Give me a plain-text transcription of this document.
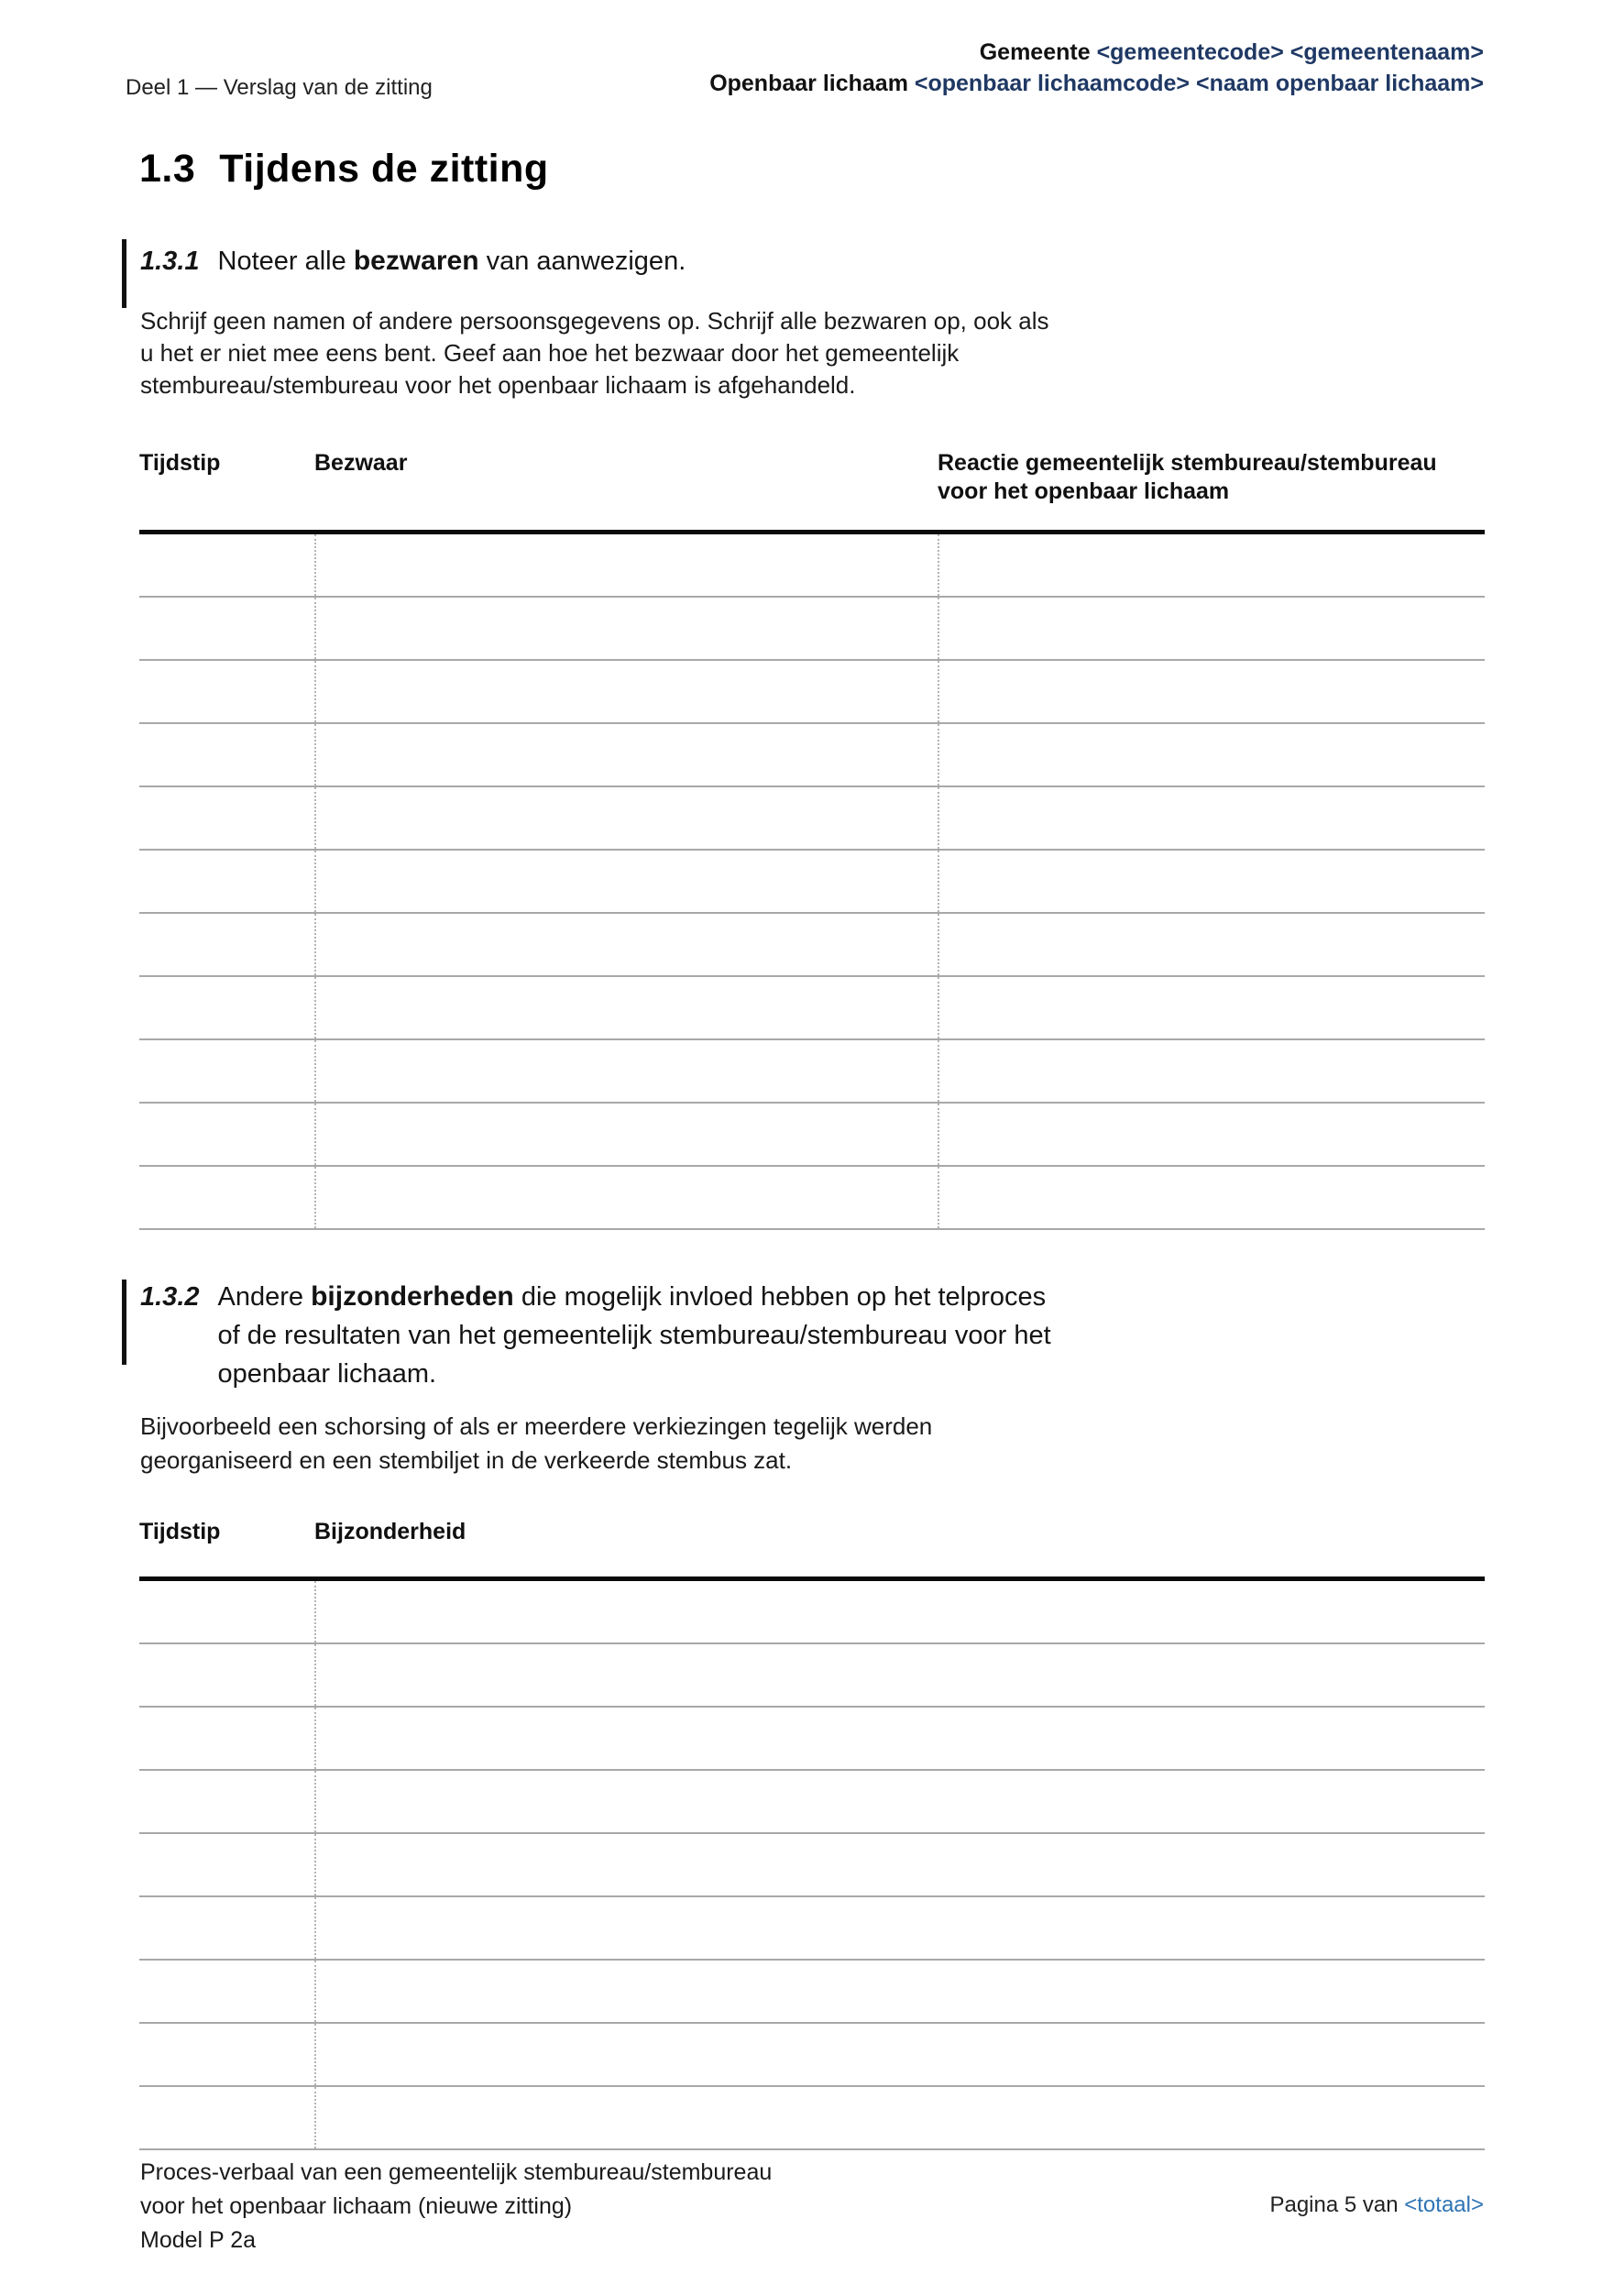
Deel 1 — Verslag van de zitting
Gemeente <gemeentecode> <gemeentenaam>
Openbaar lichaam <openbaar lichaamcode> <naam openbaar lichaam>
1.3 Tijdens de zitting
1.3.1 Noteer alle bezwaren van aanwezigen.
Schrijf geen namen of andere persoonsgegevens op. Schrijf alle bezwaren op, ook als
u het er niet mee eens bent. Geef aan hoe het bezwaar door het gemeentelijk
stembureau/stembureau voor het openbaar lichaam is afgehandeld.
Tijdstip	Bezwaar	Reactie gemeentelijk stembureau/stembureau voor het openbaar lichaam
1.3.2 Andere bijzonderheden die mogelijk invloed hebben op het telproces
of de resultaten van het gemeentelijk stembureau/stembureau voor het
openbaar lichaam.
Bijvoorbeeld een schorsing of als er meerdere verkiezingen tegelijk werden
georganiseerd en een stembiljet in de verkeerde stembus zat.
Tijdstip	Bijzonderheid
Proces-verbaal van een gemeentelijk stembureau/stembureau
voor het openbaar lichaam (nieuwe zitting)
Model P 2a
Pagina 5 van <totaal>
